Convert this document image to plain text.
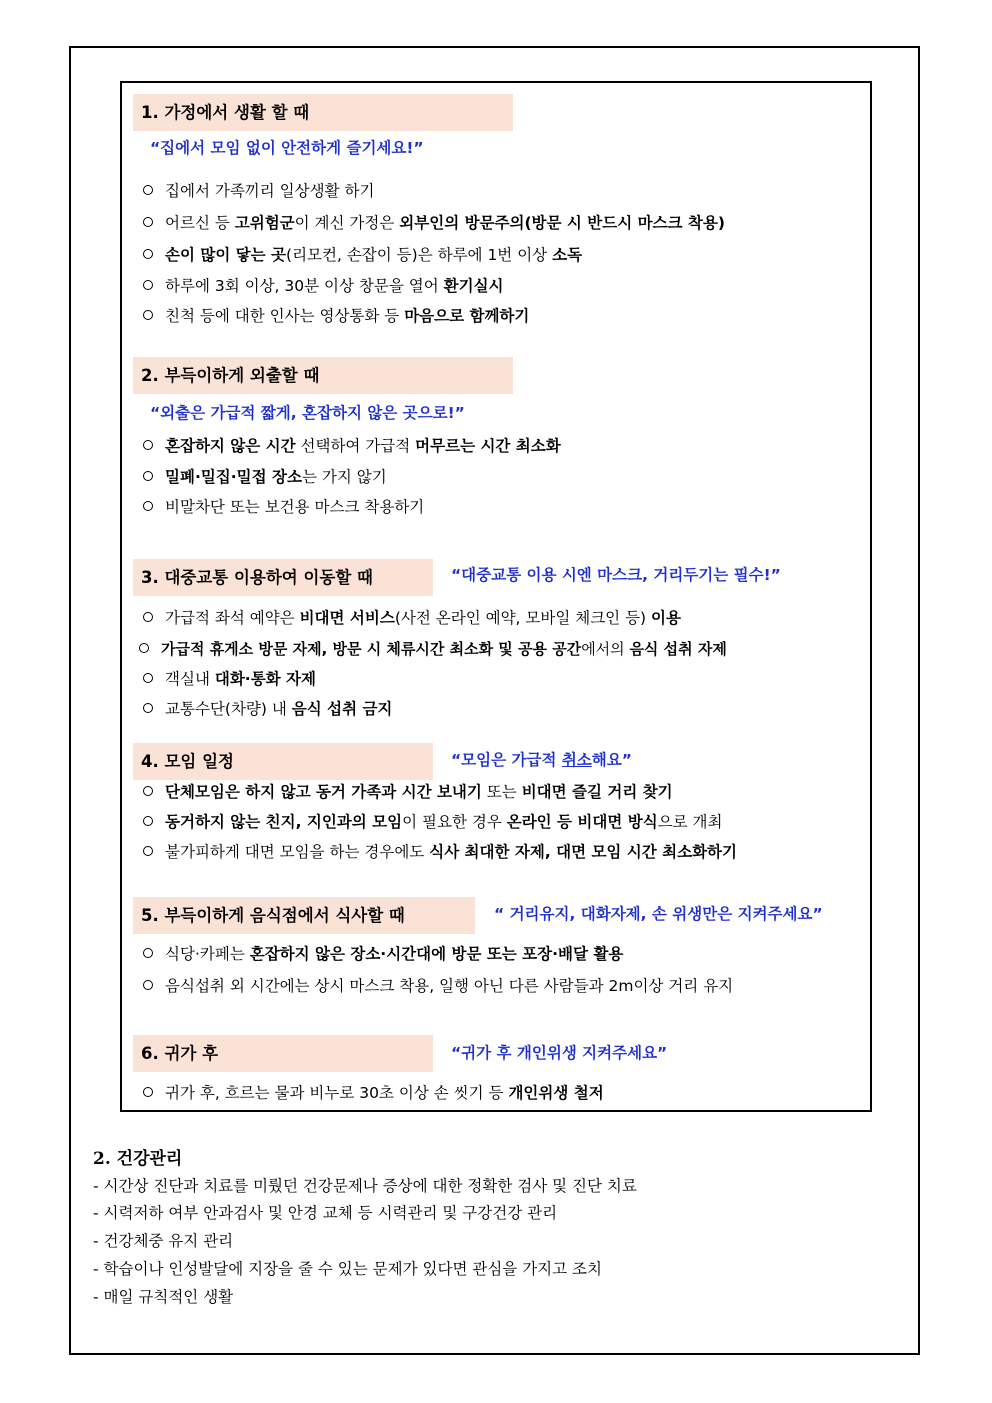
1. 가정에서 생활 할 때
“집에서 모임 없이 안전하게 즐기세요!”
집에서 가족끼리 일상생활 하기
어르신 등 고위험군이 계신 가정은 외부인의 방문주의(방문 시 반드시 마스크 착용)
손이 많이 닿는 곳(리모컨, 손잡이 등)은 하루에 1번 이상 소독
하루에 3회 이상, 30분 이상 창문을 열어 환기실시
친척 등에 대한 인사는 영상통화 등 마음으로 함께하기
2. 부득이하게 외출할 때
“외출은 가급적 짧게, 혼잡하지 않은 곳으로!”
혼잡하지 않은 시간 선택하여 가급적 머무르는 시간 최소화
밀폐·밀집·밀접 장소는 가지 않기
비말차단 또는 보건용 마스크 착용하기
3. 대중교통 이용하여 이동할 때	“대중교통 이용 시엔 마스크, 거리두기는 필수!”
가급적 좌석 예약은 비대면 서비스(사전 온라인 예약, 모바일 체크인 등) 이용
가급적 휴게소 방문 자제, 방문 시 체류시간 최소화 및 공용 공간에서의 음식 섭취 자제
객실내 대화·통화 자제
교통수단(차량) 내 음식 섭취 금지
4. 모임 일정	“모임은 가급적 취소해요”
단체모임은 하지 않고 동거 가족과 시간 보내기 또는 비대면 즐길 거리 찾기
동거하지 않는 친지, 지인과의 모임이 필요한 경우 온라인 등 비대면 방식으로 개최
불가피하게 대면 모임을 하는 경우에도 식사 최대한 자제, 대면 모임 시간 최소화하기
5. 부득이하게 음식점에서 식사할 때	“ 거리유지, 대화자제, 손 위생만은 지켜주세요”
식당·카페는 혼잡하지 않은 장소·시간대에 방문 또는 포장·배달 활용
음식섭취 외 시간에는 상시 마스크 착용, 일행 아닌 다른 사람들과 2m이상 거리 유지
6. 귀가 후	“귀가 후 개인위생 지켜주세요”
귀가 후, 흐르는 물과 비누로 30초 이상 손 씻기 등 개인위생 철저
2. 건강관리
- 시간상 진단과 치료를 미뤘던 건강문제나 증상에 대한 정확한 검사 및 진단 치료
- 시력저하 여부 안과검사 및 안경 교체 등 시력관리 및 구강건강 관리
- 건강체중 유지 관리
- 학습이나 인성발달에 지장을 줄 수 있는 문제가 있다면 관심을 가지고 조치
- 매일 규칙적인 생활
